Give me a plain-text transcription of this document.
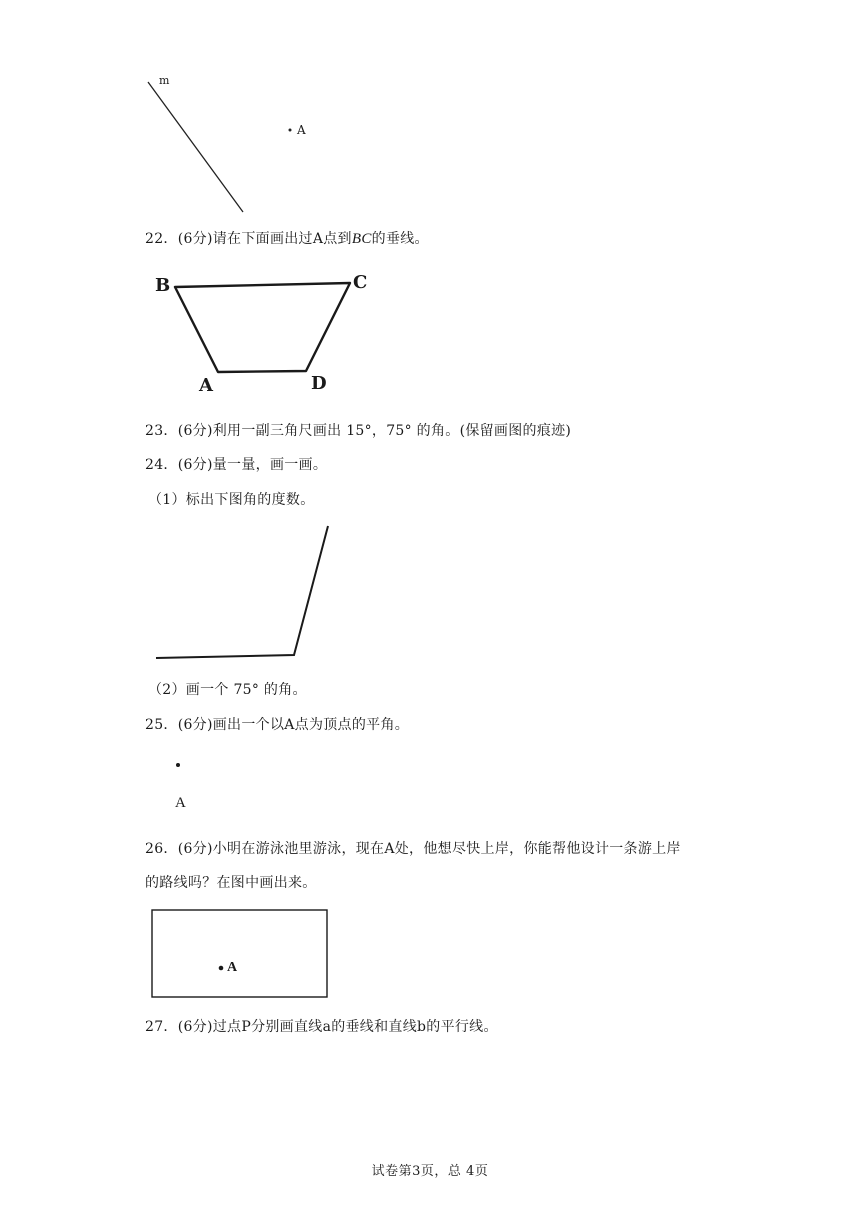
m
A
22．(6分)请在下面画出过A点到BC的垂线。
B	C
A	D
23．(6分)利用一副三角尺画出 15°，75° 的角。(保留画图的痕迹)
24．(6分)量一量，画一画。
（1）标出下图角的度数。
（2）画一个 75° 的角。
25．(6分)画出一个以A点为顶点的平角。
A
26．(6分)小明在游泳池里游泳，现在A处，他想尽快上岸，你能帮他设计一条游上岸
的路线吗？在图中画出来。
A
27．(6分)过点P分别画直线a的垂线和直线b的平行线。
试卷第3页，总 4页
